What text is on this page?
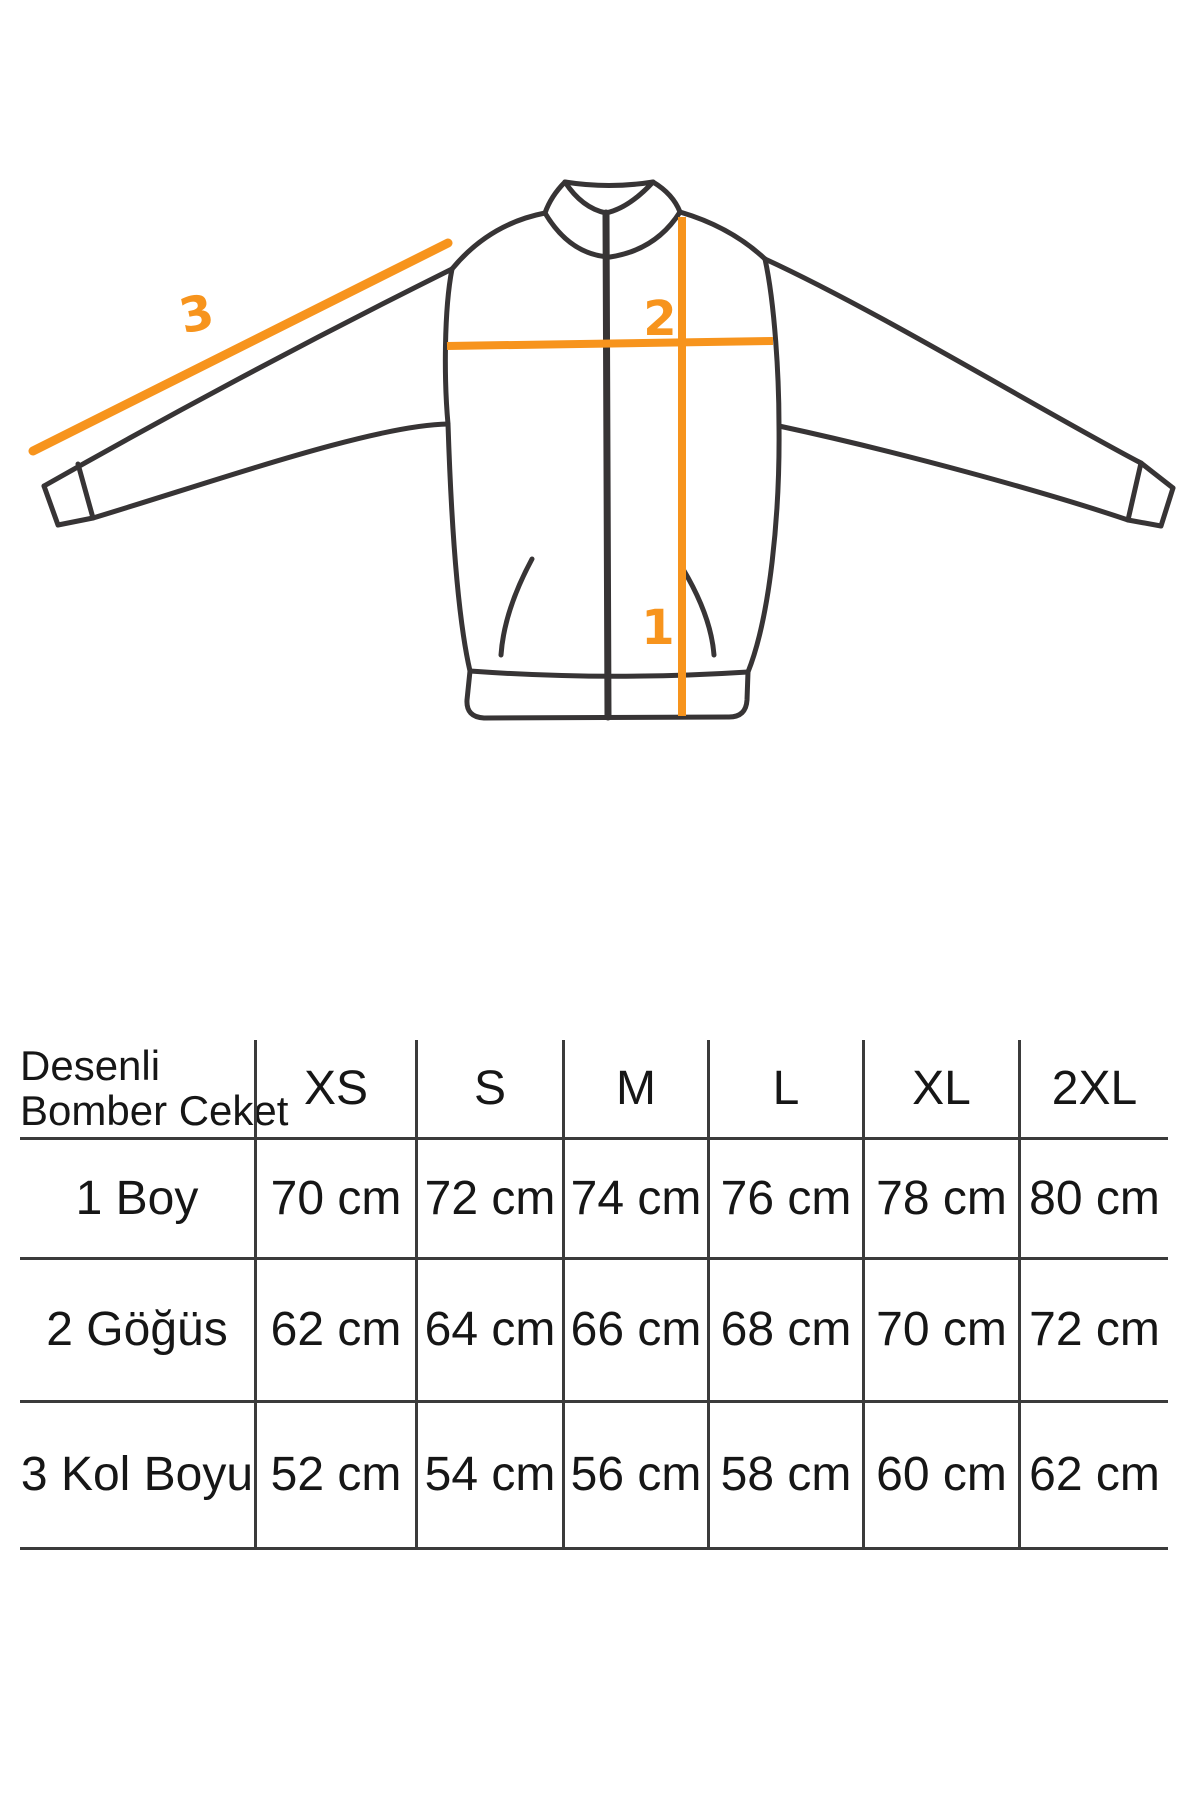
3	2
1
Desenli
Bomber Ceket XS	S	M	L	XL	2XL
1 Boy	70 cm 72 cm 74 cm 76 cm 78 cm 80 cm
2 Göğüs 62 cm 64 cm 66 cm 68 cm 70 cm 72 cm
3 Kol Boyu 52 cm 54 cm 56 cm 58 cm 60 cm 62 cm
